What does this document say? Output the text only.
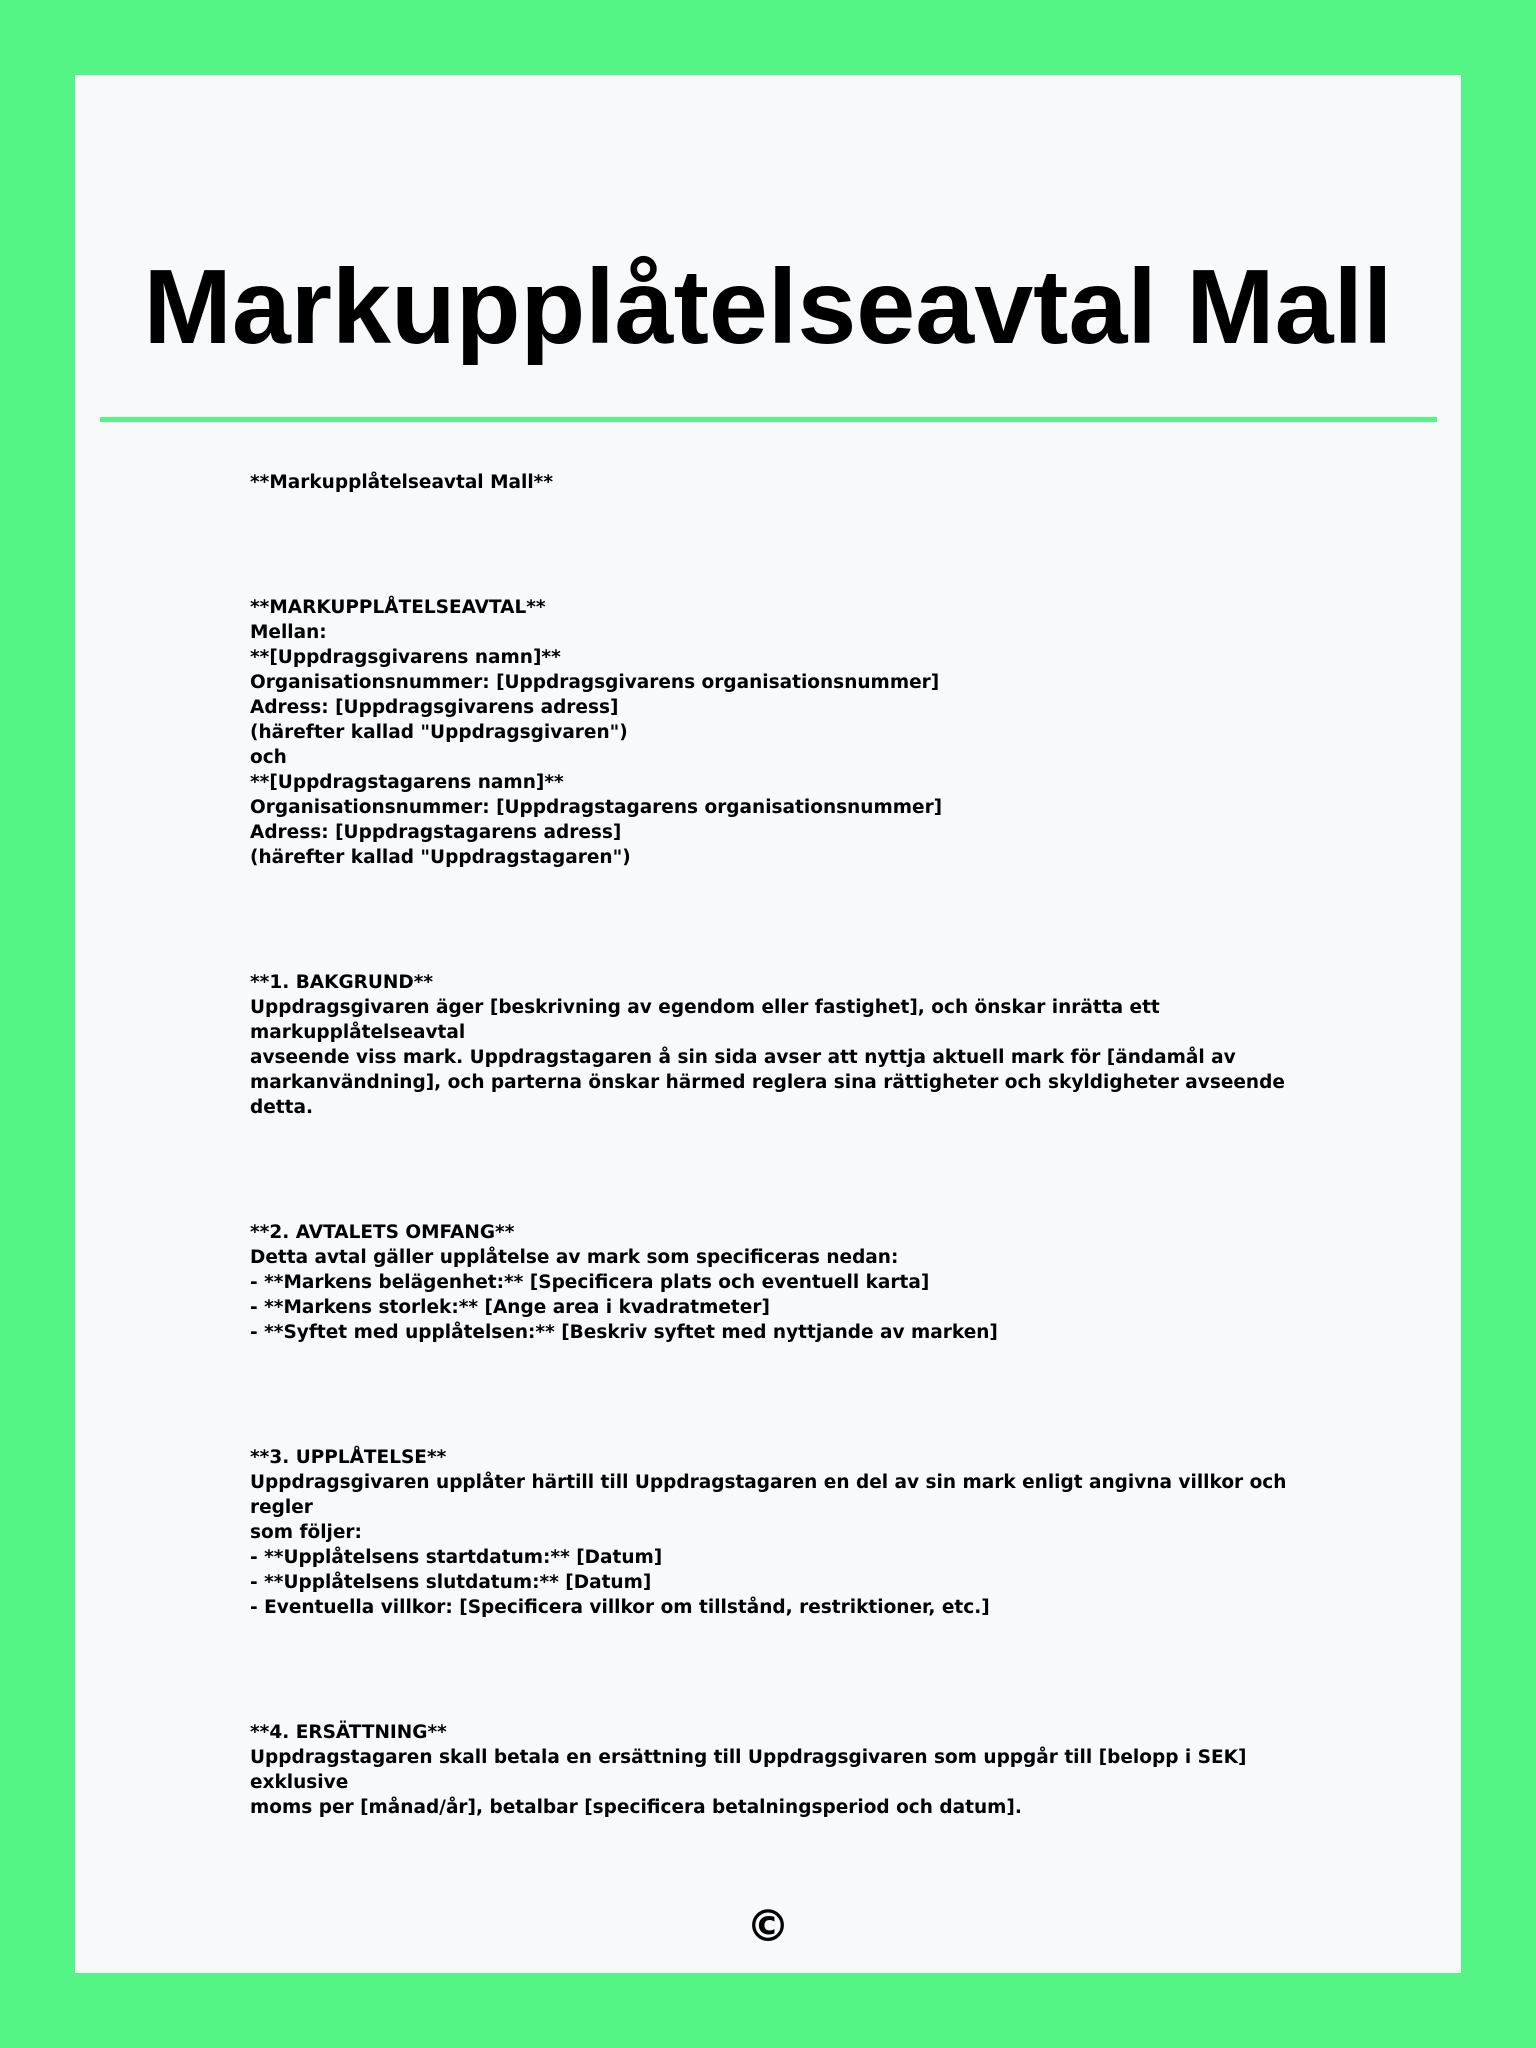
Markupplåtelseavtal Mall

**Markupplåtelseavtal Mall**

**MARKUPPLÅTELSEAVTAL**
Mellan:
**[Uppdragsgivarens namn]**
Organisationsnummer: [Uppdragsgivarens organisationsnummer]
Adress: [Uppdragsgivarens adress]
(härefter kallad "Uppdragsgivaren")
och
**[Uppdragstagarens namn]**
Organisationsnummer: [Uppdragstagarens organisationsnummer]
Adress: [Uppdragstagarens adress]
(härefter kallad "Uppdragstagaren")
**1. BAKGRUND**
Uppdragsgivaren äger [beskrivning av egendom eller fastighet], och önskar inrätta ett markupplåtelseavtal
avseende viss mark. Uppdragstagaren å sin sida avser att nyttja aktuell mark för [ändamål av
markanvändning], och parterna önskar härmed reglera sina rättigheter och skyldigheter avseende detta.
**2. AVTALETS OMFANG**
Detta avtal gäller upplåtelse av mark som specificeras nedan:
- **Markens belägenhet:** [Specificera plats och eventuell karta]
- **Markens storlek:** [Ange area i kvadratmeter]
- **Syftet med upplåtelsen:** [Beskriv syftet med nyttjande av marken]
**3. UPPLÅTELSE**
Uppdragsgivaren upplåter härtill till Uppdragstagaren en del av sin mark enligt angivna villkor och regler
som följer:
- **Upplåtelsens startdatum:** [Datum]
- **Upplåtelsens slutdatum:** [Datum]
- Eventuella villkor: [Specificera villkor om tillstånd, restriktioner, etc.]
**4. ERSÄTTNING**
Uppdragstagaren skall betala en ersättning till Uppdragsgivaren som uppgår till [belopp i SEK] exklusive
moms per [månad/år], betalbar [specificera betalningsperiod och datum].
©
